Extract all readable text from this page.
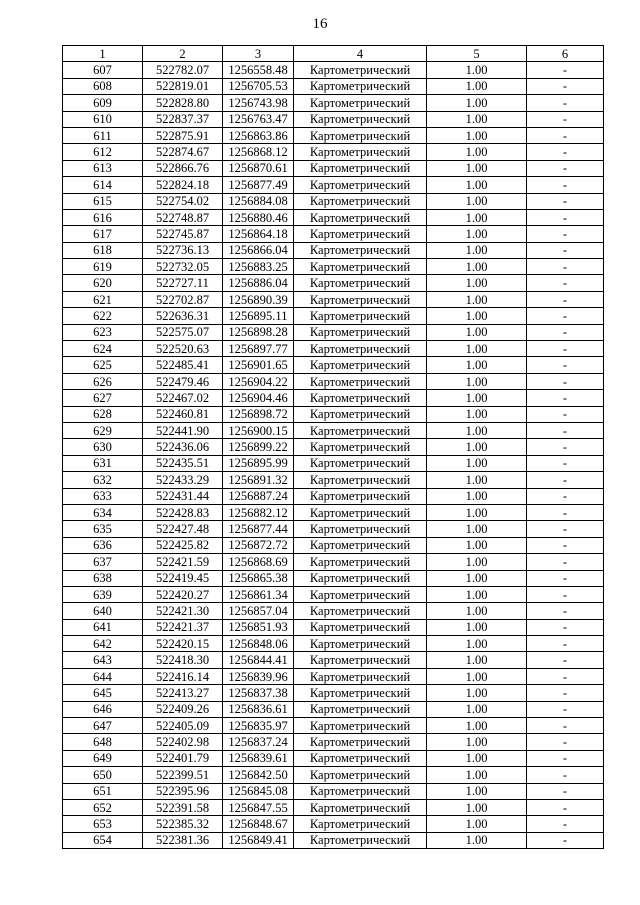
16
1	2	3	4	5	6
607	522782.07	1256558.48	Картометрический	1.00	-
608	522819.01	1256705.53	Картометрический	1.00	-
609	522828.80	1256743.98	Картометрический	1.00	-
610	522837.37	1256763.47	Картометрический	1.00	-
611	522875.91	1256863.86	Картометрический	1.00	-
612	522874.67	1256868.12	Картометрический	1.00	-
613	522866.76	1256870.61	Картометрический	1.00	-
614	522824.18	1256877.49	Картометрический	1.00	-
615	522754.02	1256884.08	Картометрический	1.00	-
616	522748.87	1256880.46	Картометрический	1.00	-
617	522745.87	1256864.18	Картометрический	1.00	-
618	522736.13	1256866.04	Картометрический	1.00	-
619	522732.05	1256883.25	Картометрический	1.00	-
620	522727.11	1256886.04	Картометрический	1.00	-
621	522702.87	1256890.39	Картометрический	1.00	-
622	522636.31	1256895.11	Картометрический	1.00	-
623	522575.07	1256898.28	Картометрический	1.00	-
624	522520.63	1256897.77	Картометрический	1.00	-
625	522485.41	1256901.65	Картометрический	1.00	-
626	522479.46	1256904.22	Картометрический	1.00	-
627	522467.02	1256904.46	Картометрический	1.00	-
628	522460.81	1256898.72	Картометрический	1.00	-
629	522441.90	1256900.15	Картометрический	1.00	-
630	522436.06	1256899.22	Картометрический	1.00	-
631	522435.51	1256895.99	Картометрический	1.00	-
632	522433.29	1256891.32	Картометрический	1.00	-
633	522431.44	1256887.24	Картометрический	1.00	-
634	522428.83	1256882.12	Картометрический	1.00	-
635	522427.48	1256877.44	Картометрический	1.00	-
636	522425.82	1256872.72	Картометрический	1.00	-
637	522421.59	1256868.69	Картометрический	1.00	-
638	522419.45	1256865.38	Картометрический	1.00	-
639	522420.27	1256861.34	Картометрический	1.00	-
640	522421.30	1256857.04	Картометрический	1.00	-
641	522421.37	1256851.93	Картометрический	1.00	-
642	522420.15	1256848.06	Картометрический	1.00	-
643	522418.30	1256844.41	Картометрический	1.00	-
644	522416.14	1256839.96	Картометрический	1.00	-
645	522413.27	1256837.38	Картометрический	1.00	-
646	522409.26	1256836.61	Картометрический	1.00	-
647	522405.09	1256835.97	Картометрический	1.00	-
648	522402.98	1256837.24	Картометрический	1.00	-
649	522401.79	1256839.61	Картометрический	1.00	-
650	522399.51	1256842.50	Картометрический	1.00	-
651	522395.96	1256845.08	Картометрический	1.00	-
652	522391.58	1256847.55	Картометрический	1.00	-
653	522385.32	1256848.67	Картометрический	1.00	-
654	522381.36	1256849.41	Картометрический	1.00	-
